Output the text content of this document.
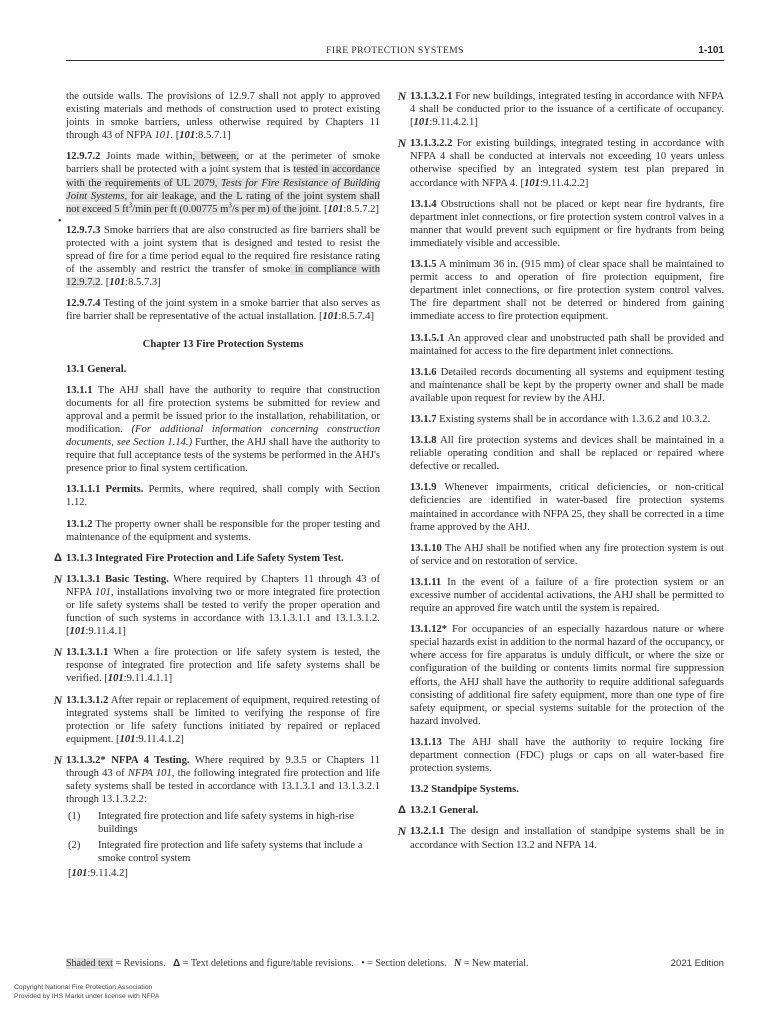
FIRE PROTECTION SYSTEMS	1-101

the outside walls. The provisions of 12.9.7 shall not apply to approved existing materials and methods of construction used to protect existing joints in smoke barriers, unless otherwise required by Chapters 11 through 43 of NFPA 101. [101:8.5.7.1]

12.9.7.2 Joints made within, between, or at the perimeter of smoke barriers shall be protected with a joint system that is tested in accordance with the requirements of UL 2079, Tests for Fire Resistance of Building Joint Systems, for air leakage, and the L rating of the joint system shall not exceed 5 $ft^3/\min$ per ft (0.00775 $m^3/s$ per m) of the joint. [101:8.5.7.2]

•
12.9.7.3 Smoke barriers that are also constructed as fire barriers shall be protected with a joint system that is designed and tested to resist the spread of fire for a time period equal to the required fire resistance rating of the assembly and restrict the transfer of smoke in compliance with 12.9.7.2. [101:8.5.7.3]

12.9.7.4 Testing of the joint system in a smoke barrier that also serves as fire barrier shall be representative of the actual installation. [101:8.5.7.4]

Chapter 13 Fire Protection Systems

13.1 General.

13.1.1 The AHJ shall have the authority to require that construction documents for all fire protection systems be submitted for review and approval and a permit be issued prior to the installation, rehabilitation, or modification. (For additional information concerning construction documents, see Section 1.14.) Further, the AHJ shall have the authority to require that full acceptance tests of the systems be performed in the AHJ's presence prior to final system certification.

13.1.1.1 Permits. Permits, where required, shall comply with Section 1.12.

13.1.2 The property owner shall be responsible for the proper testing and maintenance of the equipment and systems.

Δ 13.1.3 Integrated Fire Protection and Life Safety System Test.

N 13.1.3.1 Basic Testing. Where required by Chapters 11 through 43 of NFPA 101, installations involving two or more integrated fire protection or life safety systems shall be tested to verify the proper operation and function of such systems in accordance with 13.1.3.1.1 and 13.1.3.1.2. [101:9.11.4.1]

N 13.1.3.1.1 When a fire protection or life safety system is tested, the response of integrated fire protection and life safety systems shall be verified. [101:9.11.4.1.1]

N 13.1.3.1.2 After repair or replacement of equipment, required retesting of integrated systems shall be limited to verifying the response of fire protection or life safety functions initiated by repaired or replaced equipment. [101:9.11.4.1.2]

N 13.1.3.2* NFPA 4 Testing. Where required by 9.3.5 or Chapters 11 through 43 of NFPA 101, the following integrated fire protection and life safety systems shall be tested in accordance with 13.1.3.1 and 13.1.3.2.1 through 13.1.3.2.2:

(1) Integrated fire protection and life safety systems in high-rise buildings
(2) Integrated fire protection and life safety systems that include a smoke control system

[101:9.11.4.2]

N 13.1.3.2.1 For new buildings, integrated testing in accordance with NFPA 4 shall be conducted prior to the issuance of a certificate of occupancy. [101:9.11.4.2.1]

N 13.1.3.2.2 For existing buildings, integrated testing in accordance with NFPA 4 shall be conducted at intervals not exceeding 10 years unless otherwise specified by an integrated system test plan prepared in accordance with NFPA 4. [101:9.11.4.2.2]

13.1.4 Obstructions shall not be placed or kept near fire hydrants, fire department inlet connections, or fire protection system control valves in a manner that would prevent such equipment or fire hydrants from being immediately visible and accessible.

13.1.5 A minimum 36 in. (915 mm) of clear space shall be maintained to permit access to and operation of fire protection equipment, fire department inlet connections, or fire protection system control valves. The fire department shall not be deterred or hindered from gaining immediate access to fire protection equipment.

13.1.5.1 An approved clear and unobstructed path shall be provided and maintained for access to the fire department inlet connections.

13.1.6 Detailed records documenting all systems and equipment testing and maintenance shall be kept by the property owner and shall be made available upon request for review by the AHJ.

13.1.7 Existing systems shall be in accordance with 1.3.6.2 and 10.3.2.

13.1.8 All fire protection systems and devices shall be maintained in a reliable operating condition and shall be replaced or repaired where defective or recalled.

13.1.9 Whenever impairments, critical deficiencies, or non-critical deficiencies are identified in water-based fire protection systems maintained in accordance with NFPA 25, they shall be corrected in a time frame approved by the AHJ.

13.1.10 The AHJ shall be notified when any fire protection system is out of service and on restoration of service.

13.1.11 In the event of a failure of a fire protection system or an excessive number of accidental activations, the AHJ shall be permitted to require an approved fire watch until the system is repaired.

13.1.12* For occupancies of an especially hazardous nature or where special hazards exist in addition to the normal hazard of the occupancy, or where access for fire apparatus is unduly difficult, or where the size or configuration of the building or contents limits normal fire suppression efforts, the AHJ shall have the authority to require additional safeguards consisting of additional fire safety equipment, more than one type of fire safety equipment, or special systems suitable for the protection of the hazard involved.

13.1.13 The AHJ shall have the authority to require locking fire department connection (FDC) plugs or caps on all water-based fire protection systems.

13.2 Standpipe Systems.

Δ 13.2.1 General.

N 13.2.1.1 The design and installation of standpipe systems shall be in accordance with Section 13.2 and NFPA 14.

Shaded text = Revisions. Δ = Text deletions and figure/table revisions. • = Section deletions. N = New material.	2021 Edition
Copyright National Fire Protection Association
Provided by IHS Markit under license with NFPA
